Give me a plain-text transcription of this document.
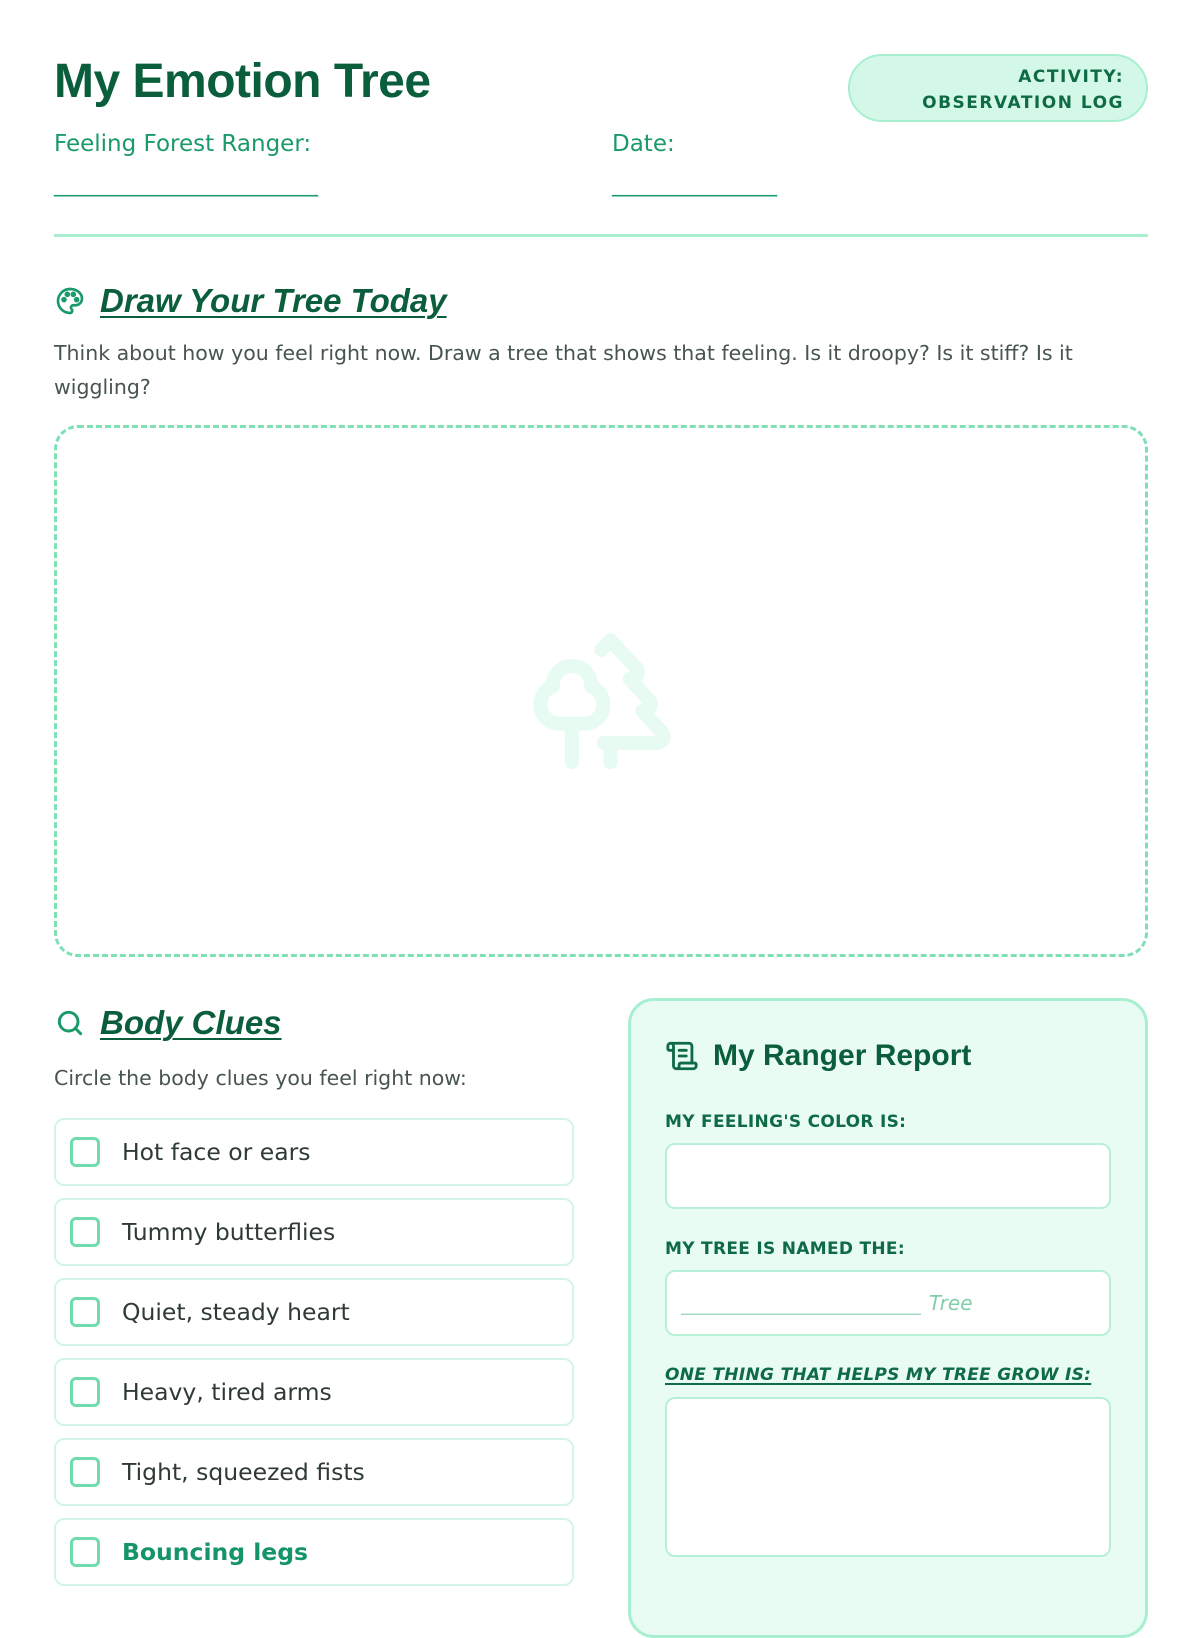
My Emotion Tree	ACTIVITY:
OBSERVATION LOG
Feeling Forest Ranger:
________________________
Date:
_______________
Draw Your Tree Today

Think about how you feel right now. Draw a tree that shows that feeling. Is it droopy? Is it stiff? Is it wiggling?

Body Clues
Circle the body clues you feel right now:
Hot face or ears
Tummy butterflies
Quiet, steady heart
Heavy, tired arms
Tight, squeezed fists
Bouncing legs
My Ranger Report
MY FEELING'S COLOR IS:
MY TREE IS NAMED THE:
________________________ Tree
ONE THING THAT HELPS MY TREE GROW IS:
